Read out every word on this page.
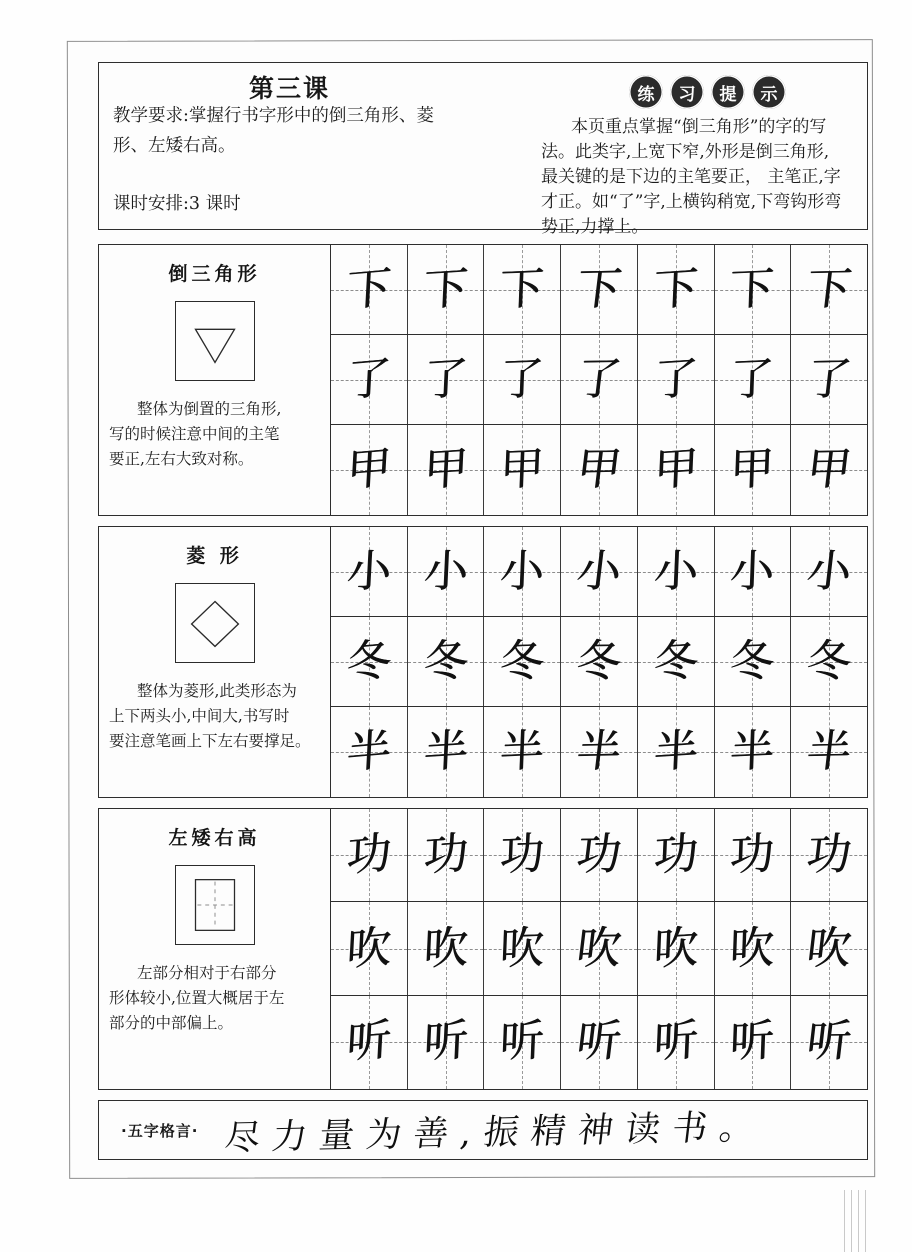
第三课
教学要求:掌握行书字形中的倒三角形、菱
形、左矮右高。
课时安排:3 课时
练	习	提	示
本页重点掌握“倒三角形”的字的写
法。此类字,上宽下窄,外形是倒三角形,
最关键的是下边的主笔要正， 主笔正,字
才正。如“了”字,上横钩稍宽,下弯钩形弯
势正,力撑上。
倒三角形
整体为倒置的三角形,
写的时候注意中间的主笔
要正,左右大致对称。
下 下 下 下 下 下 下
了 了 了 了 了 了 了
甲 甲 甲 甲 甲 甲 甲
菱 形
整体为菱形,此类形态为
上下两头小,中间大,书写时
要注意笔画上下左右要撑足。
小 小 小 小 小 小 小
冬 冬 冬 冬 冬 冬 冬
半 半 半 半 半 半 半
左矮右高
左部分相对于右部分
形体较小,位置大概居于左
部分的中部偏上。
功 功 功 功 功 功 功
吹 吹 吹 吹 吹 吹 吹
听 听 听 听 听 听 听
·五字格言· 尽力量为善,振精神读书。
